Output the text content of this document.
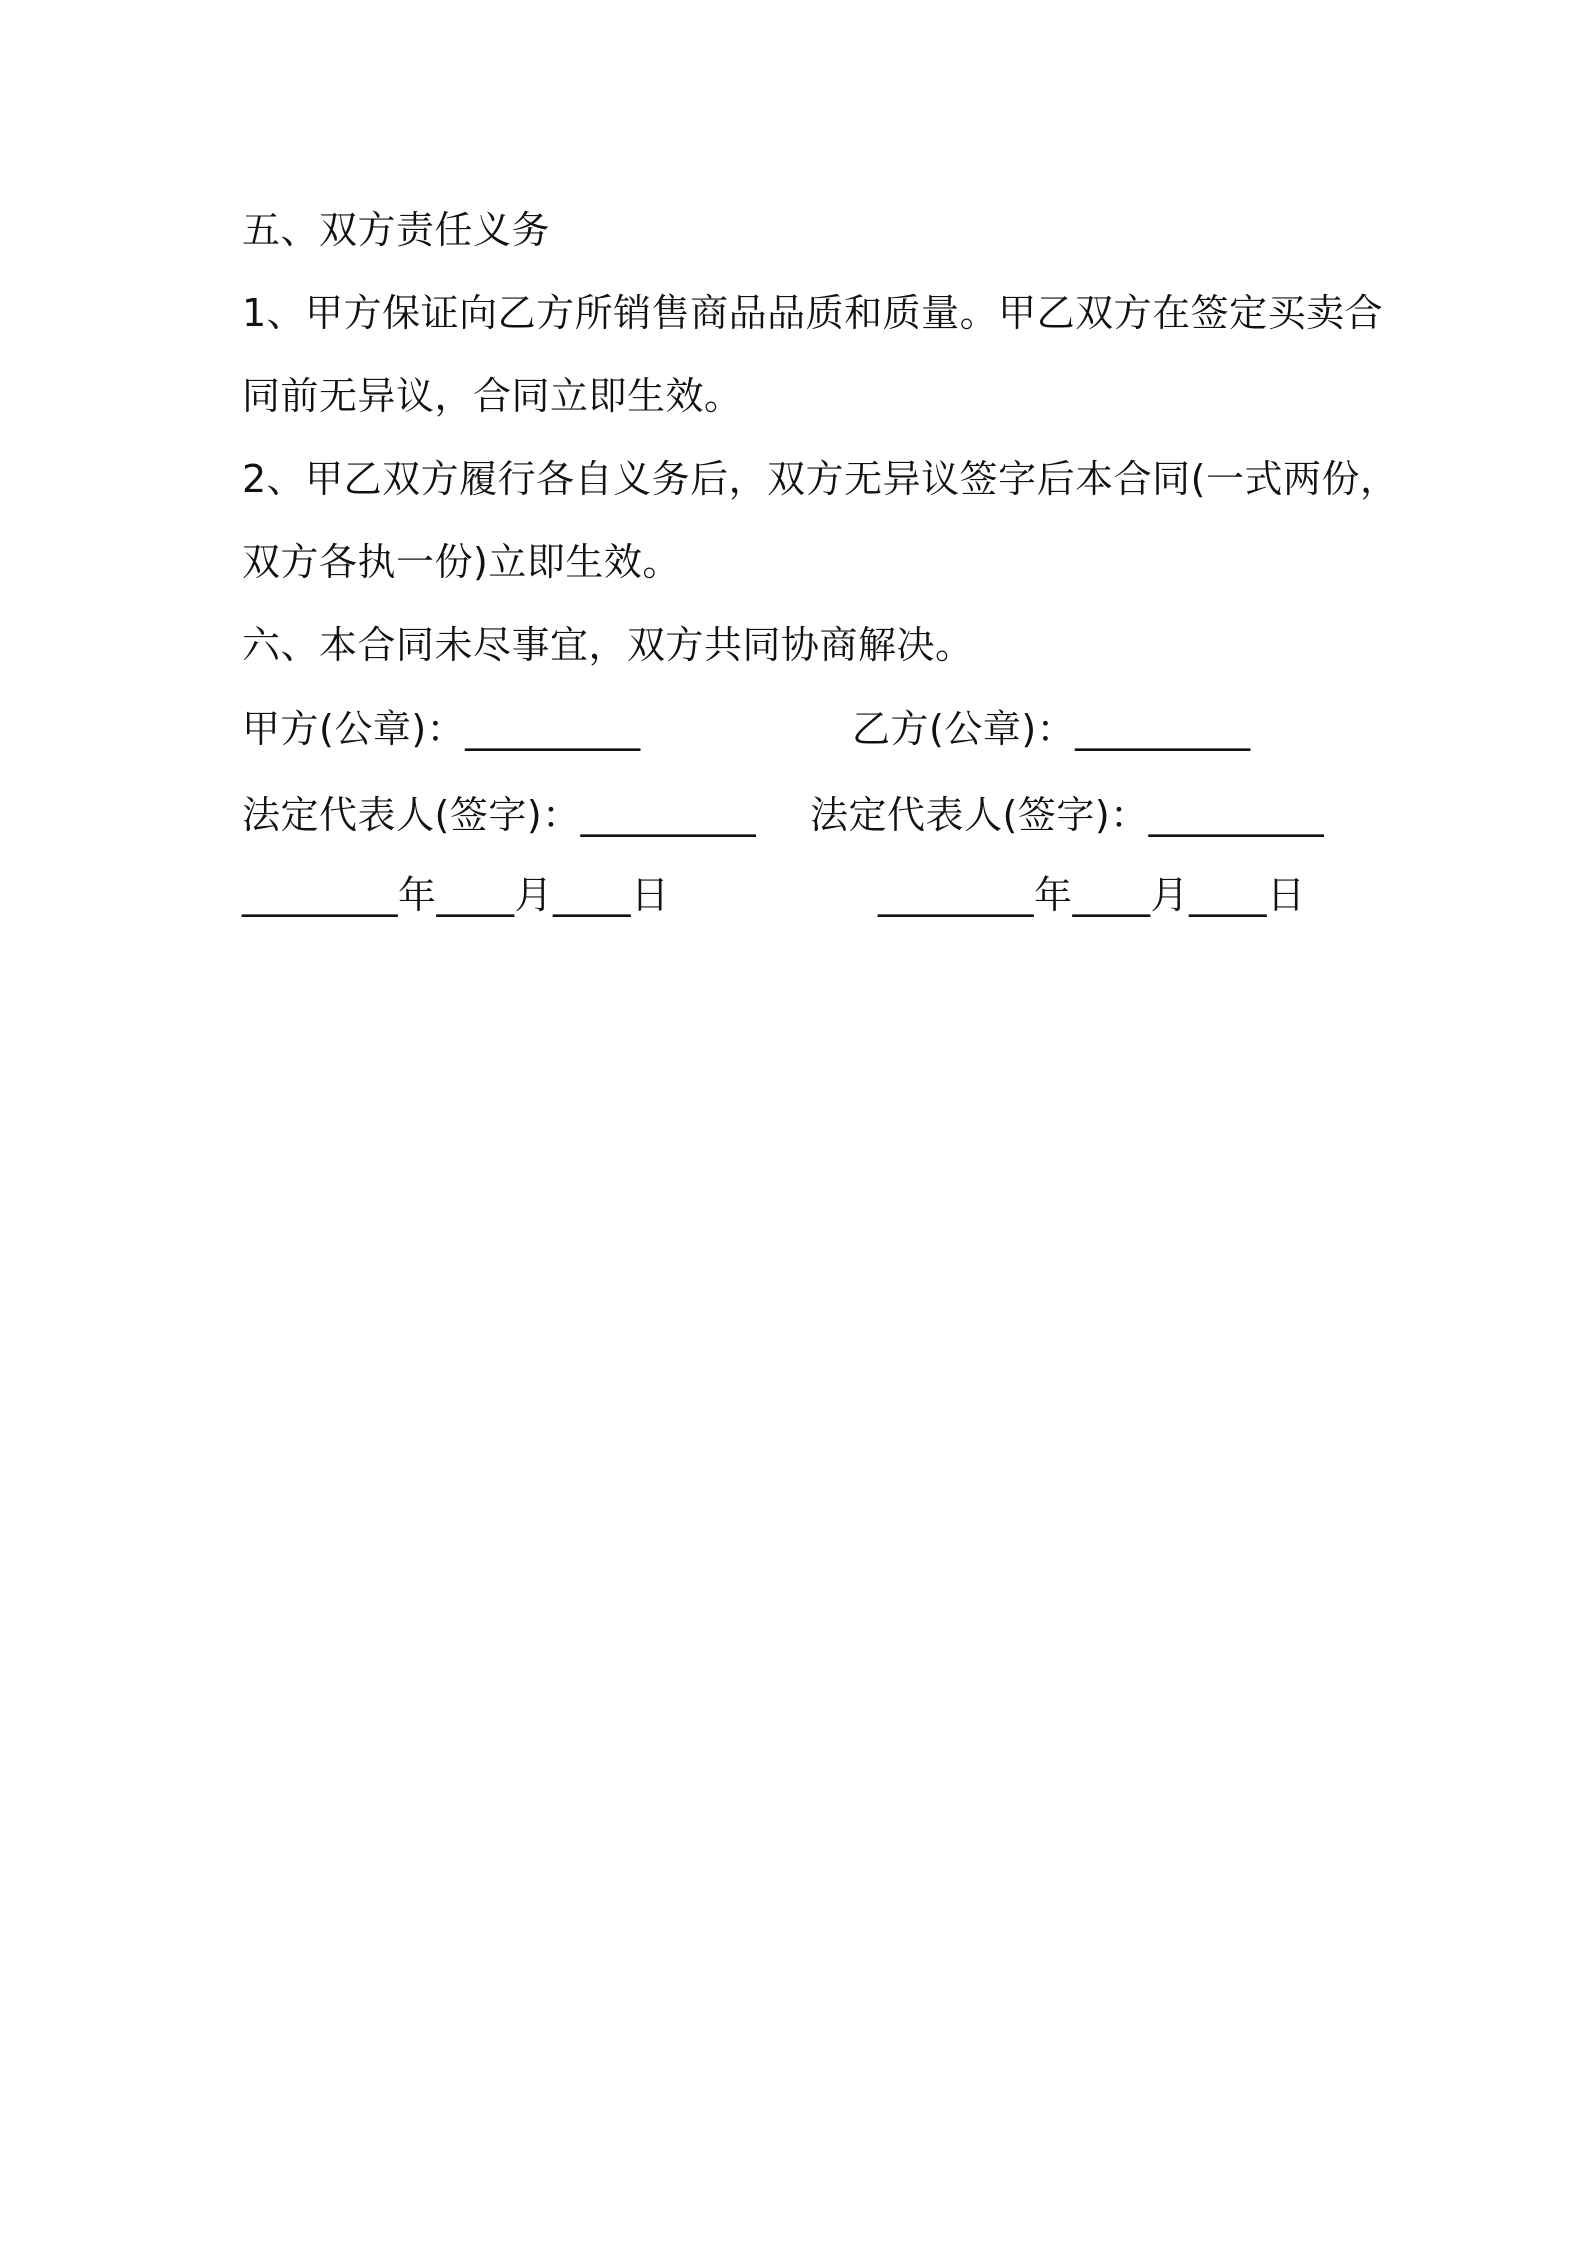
五、双方责任义务
1、甲方保证向乙方所销售商品品质和质量。甲乙双方在签定买卖合
同前无异议，合同立即生效。
2、甲乙双方履行各自义务后，双方无异议签字后本合同(一式两份，
双方各执一份)立即生效。
六、本合同未尽事宜，双方共同协商解决。
甲方(公章)：_________	乙方(公章)：_________
法定代表人(签字)：_________ 法定代表人(签字)：_________
________年____月____日	________年____月____日
